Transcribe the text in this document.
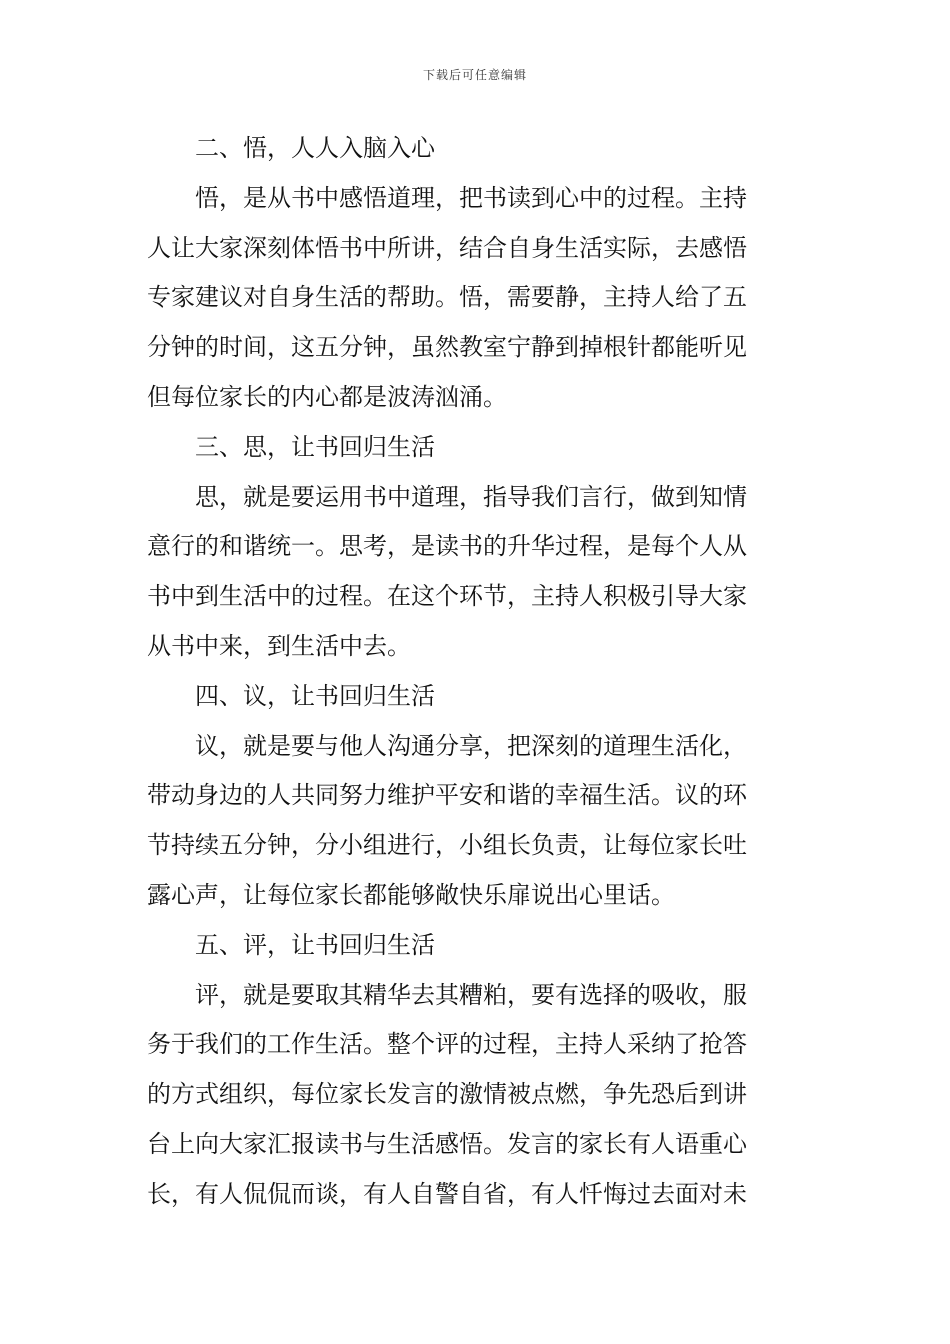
下载后可任意编辑

二、悟，人人入脑入心

悟，是从书中感悟道理，把书读到心中的过程。主持

人让大家深刻体悟书中所讲，结合自身生活实际，去感悟

专家建议对自身生活的帮助。悟，需要静，主持人给了五

分钟的时间，这五分钟，虽然教室宁静到掉根针都能听见

但每位家长的内心都是波涛汹涌。

三、思，让书回归生活

思，就是要运用书中道理，指导我们言行，做到知情

意行的和谐统一。思考，是读书的升华过程，是每个人从

书中到生活中的过程。在这个环节，主持人积极引导大家

从书中来，到生活中去。

四、议，让书回归生活

议，就是要与他人沟通分享，把深刻的道理生活化，

带动身边的人共同努力维护平安和谐的幸福生活。议的环

节持续五分钟，分小组进行，小组长负责，让每位家长吐

露心声，让每位家长都能够敞快乐扉说出心里话。

五、评，让书回归生活

评，就是要取其精华去其糟粕，要有选择的吸收，服

务于我们的工作生活。整个评的过程，主持人采纳了抢答

的方式组织，每位家长发言的激情被点燃，争先恐后到讲

台上向大家汇报读书与生活感悟。发言的家长有人语重心

长，有人侃侃而谈，有人自警自省，有人忏悔过去面对未
